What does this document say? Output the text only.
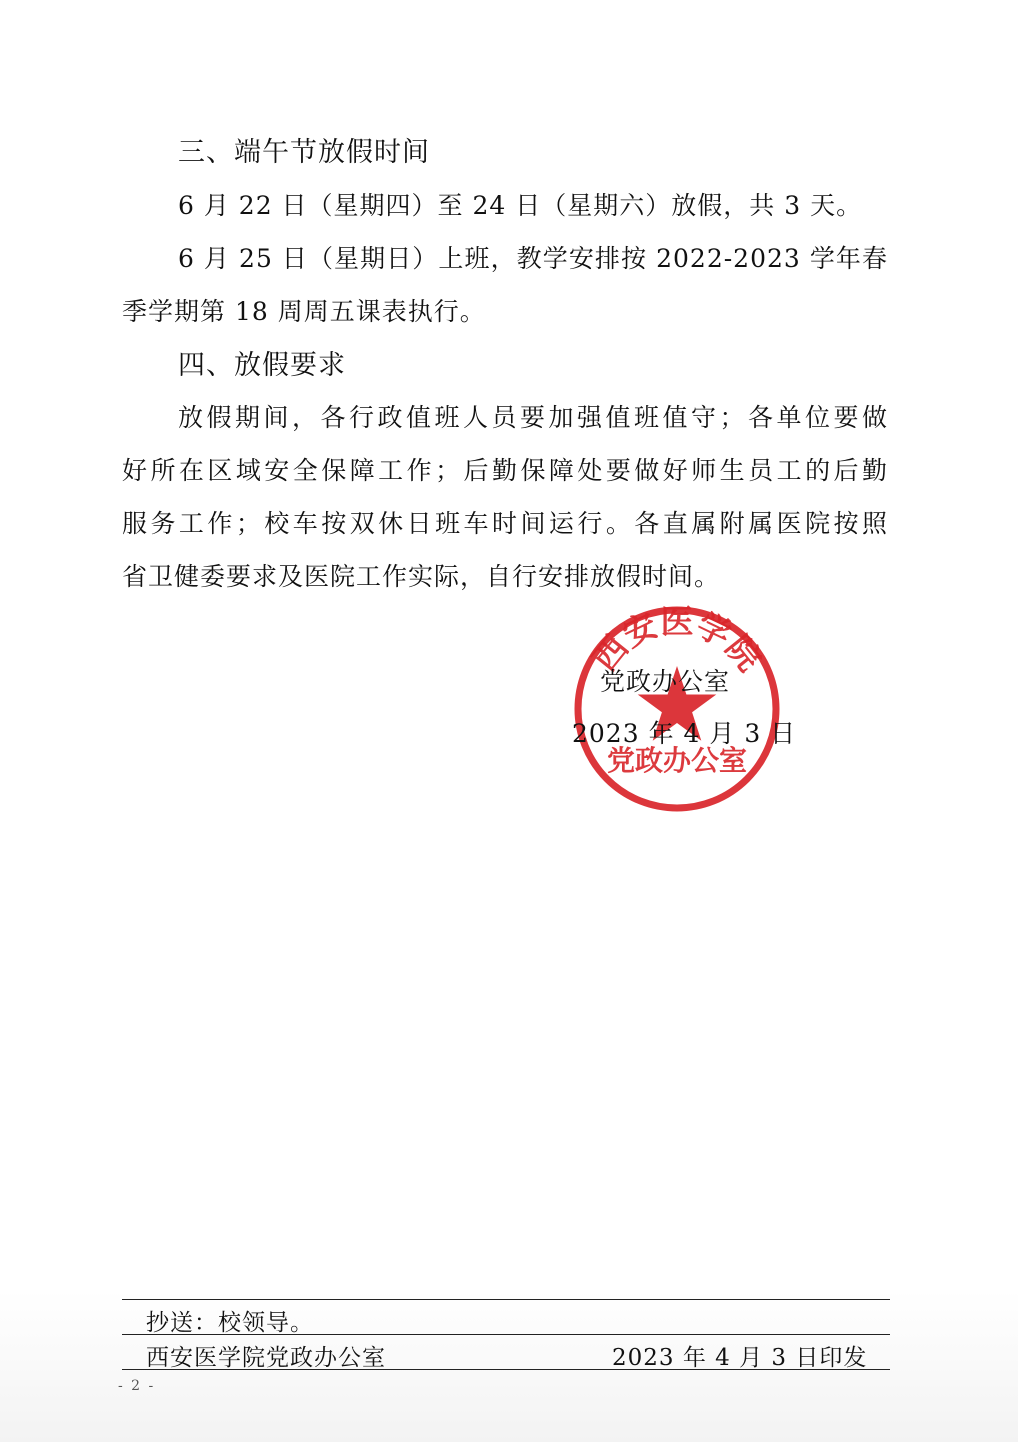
三、端午节放假时间
6 月 22 日（星期四）至 24 日（星期六）放假，共 3 天。
6 月 25 日（星期日）上班，教学安排按 2022-2023 学年春
季学期第 18 周周五课表执行。
四、放假要求
放假期间，各行政值班人员要加强值班值守；各单位要做
好所在区域安全保障工作；后勤保障处要做好师生员工的后勤
服务工作；校车按双休日班车时间运行。各直属附属医院按照
省卫健委要求及医院工作实际，自行安排放假时间。
西安医学院
党政办公室
党政办公室
2023 年 4 月 3 日
抄送：校领导。
西安医学院党政办公室	2023 年 4 月 3 日印发
- 2 -
